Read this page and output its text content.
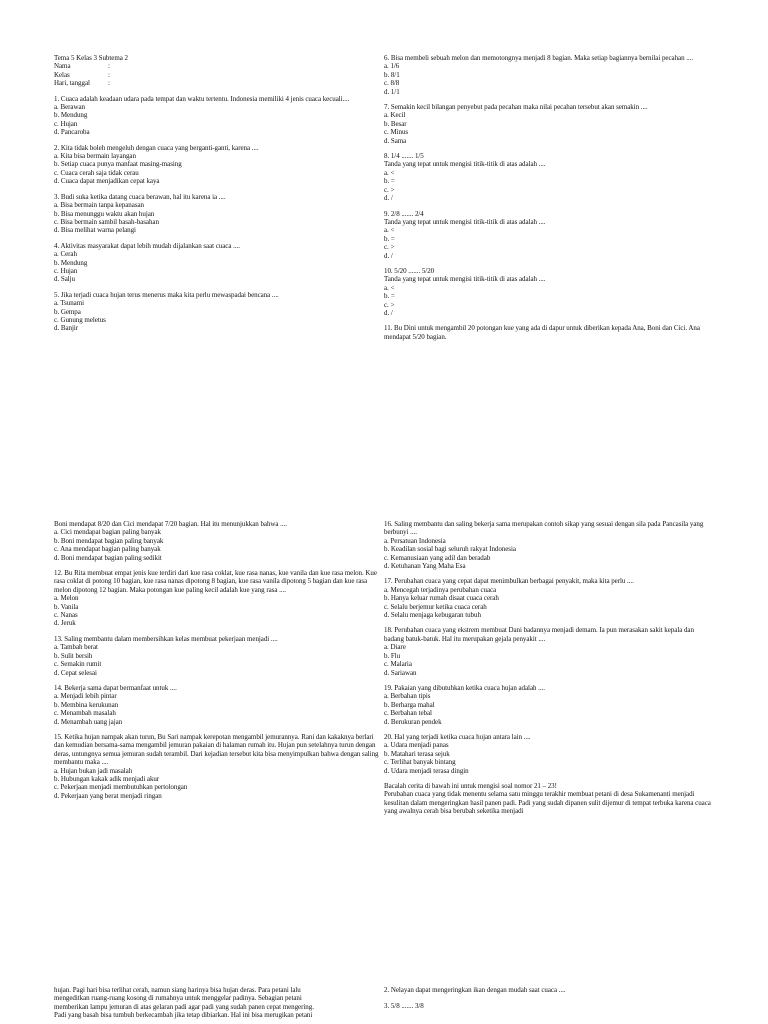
Tema 5 Kelas 3 Subtema 2
Nama	:
Kelas	:
Hari, tanggal	:
1. Cuaca adalah keadaan udara pada tempat dan waktu tertentu. Indonesia memiliki 4 jenis cuaca kecuali....
a. Berawan
b. Mendung
c. Hujan
d. Pancaroba
2. Kita tidak boleh mengeluh dengan cuaca yang berganti-ganti, karena ....
a. Kita bisa bermain layangan
b. Setiap cuaca punya manfaat masing-masing
c. Cuaca cerah saja tidak cerau
d. Cuaca dapat menjadikan cepat kaya
3. Budi suka ketika datang cuaca berawan, hal itu karena ia ....
a. Bisa bermain tanpa kepanasan
b. Bisa menunggu waktu akan hujan
c. Bisa bermain sambil basah-basahan
d. Bisa melihat warna pelangi
4. Aktivitas masyarakat dapat lebih mudah dijalankan saat cuaca ....
a. Cerah
b. Mendung
c. Hujan
d. Salju
5. Jika terjadi cuaca hujan terus menerus maka kita perlu mewaspadai bencana ....
a. Tsunami
b. Gempa
c. Gunung meletus
d. Banjir
6. Bisa membeli sebuah melon dan memotongnya menjadi 8 bagian. Maka setiap bagiannya bernilai pecahan ....
a. 1/6
b. 8/1
c. 8/8
d. 1/1
7. Semakin kecil bilangan penyebut pada pecahan maka nilai pecahan tersebut akan semakin ....
a. Kecil
b. Besar
c. Minus
d. Sama
8. 1/4 ....... 1/5
Tanda yang tepat untuk mengisi titik-titik di atas adalah ....
a. <
b. =
c. >
d. /
9. 2/8 ....... 2/4
Tanda yang tepat untuk mengisi titik-titik di atas adalah ....
a. <
b. =
c. >
d. /
10. 5/20 ....... 5/20
Tanda yang tepat untuk mengisi titik-titik di atas adalah ....
a. <
b. =
c. >
d. /
11. Bu Dini untuk mengambil 20 potongan kue yang ada di dapur untuk diberikan kepada Ana, Boni dan Cici. Ana mendapat 5/20 bagian.
Boni mendapat 8/20 dan Cici mendapat 7/20 bagian. Hal itu menunjukkan bahwa ....
a. Cici mendapat bagian paling banyak
b. Boni mendapat bagian paling banyak
c. Ana mendapat bagian paling banyak
d. Boni mendapat bagian paling sedikit
12. Bu Rita membuat empat jenis kue terdiri dari kue rasa coklat, kue rasa nanas, kue vanila dan kue rasa melon. Kue rasa coklat di potong 10 bagian, kue rasa nanas dipotong 8 bagian, kue rasa vanila dipotong 5 bagian dan kue rasa melon dipotong 12 bagian. Maka potongan kue paling kecil adalah kue yang rasa ....
a. Melon
b. Vanila
c. Nanas
d. Jeruk
13. Saling membantu dalam membersihkan kelas membuat pekerjaan menjadi ....
a. Tambah berat
b. Sulit bersih
c. Semakin rumit
d. Cepat selesai
14. Bekerja sama dapat bermanfaat untuk ....
a. Menjadi lebih pintar
b. Membina kerukunan
c. Menambah masalah
d. Menambah uang jajan
15. Ketika hujan nampak akan turun, Bu Sari nampak kerepotan mengambil jemurannya. Rani dan kakaknya berlari dan kemudian bersama-sama mengambil jemuran pakaian di halaman rumah itu. Hujan pun setelahnya turun dengan deras, untungnya semua jemuran sudah terambil. Dari kejadian tersebut kita bisa menyimpulkan bahwa dengan saling membantu maka ....
a. Hujan bukan jadi masalah
b. Hubungan kakak adik menjadi akur
c. Pekerjaan menjadi membutuhkan pertolongan
d. Pekerjaan yang berat menjadi ringan
16. Saling membantu dan saling bekerja sama merupakan contoh sikap yang sesuai dengan sila pada Pancasila yang berbunyi ....
a. Persatuan Indonesia
b. Keadilan sosial bagi seluruh rakyat Indonesia
c. Kemanusiaan yang adil dan beradab
d. Ketuhanan Yang Maha Esa
17. Perubahan cuaca yang cepat dapat menimbulkan berbagai penyakit, maka kita perlu ....
a. Mencegah terjadinya perubahan cuaca
b. Hanya keluar rumah disaat cuaca cerah
c. Selalu berjemur ketika cuaca cerah
d. Selalu menjaga kebugaran tubuh
18. Perubahan cuaca yang ekstrem membuat Dani badannya menjadi demam. Ia pun merasakan sakit kepala dan badang batuk-batuk. Hal itu merupakan gejala penyakit ....
a. Diare
b. Flu
c. Malaria
d. Sariawan
19. Pakaian yang dibutuhkan ketika cuaca hujan adalah ....
a. Berbahan tipis
b. Berharga mahal
c. Berbahan tebal
d. Berukuran pendek
20. Hal yang terjadi ketika cuaca hujan antara lain ....
a. Udara menjadi panas
b. Matahari terasa sejuk
c. Terlihat banyak bintang
d. Udara menjadi terasa dingin
Bacalah cerita di bawah ini untuk mengisi soal nomor 21 – 23!
Perubahan cuaca yang tidak menentu selama satu minggu terakhir membuat petani di desa Sukamenanti menjadi kesulitan dalam mengeringkan hasil panen padi. Padi yang sudah dipanen sulit dijemur di tempat terbuka karena cuaca yang awalnya cerah bisa berubah seketika menjadi
hujan. Pagi hari bisa terlihat cerah, namun siang harinya bisa hujan deras. Para petani lalu
mengeditkan ruang-ruang kosong di rumahnya untuk menggelar padinya. Sebagian petani
memberikan lampu jemuran di atas gelaran padi agar padi yang sudah panen cepat mengering.
Padi yang basah bisa tumbuh berkecambah jika tetap dibiarkan. Hal ini bisa merugikan petani
2. Nelayan dapat mengeringkan ikan dengan mudah saat cuaca ....
3. 5/8 ....... 3/8
